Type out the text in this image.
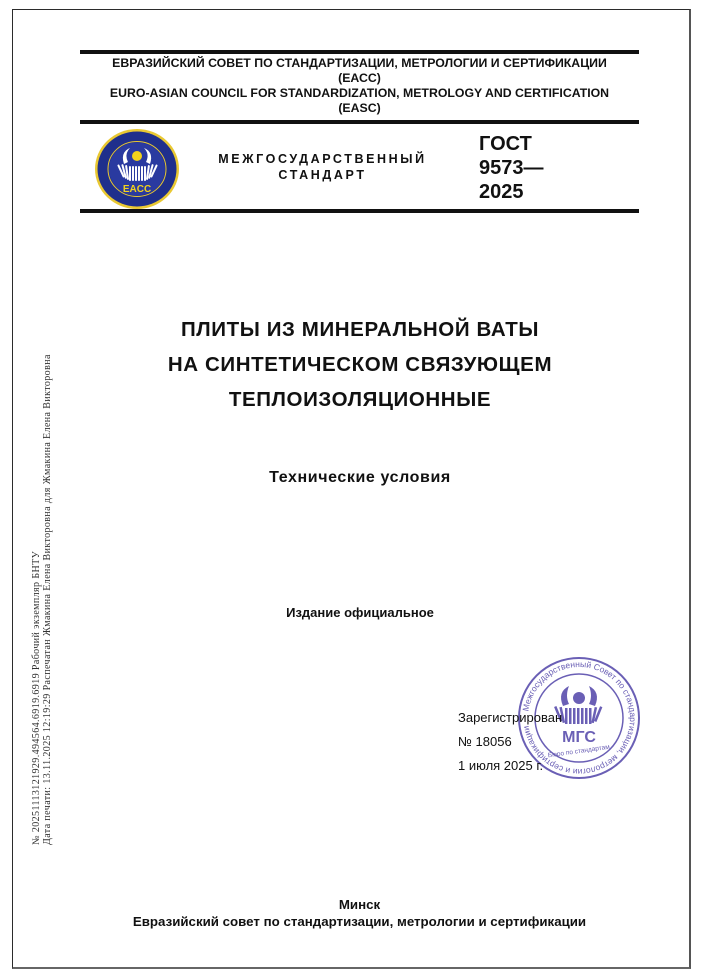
ЕВРАЗИЙСКИЙ СОВЕТ ПО СТАНДАРТИЗАЦИИ, МЕТРОЛОГИИ И СЕРТИФИКАЦИИ
(ЕАСС)
EURO-ASIAN COUNCIL FOR STANDARDIZATION, METROLOGY AND CERTIFICATION
(EASC)
EACC
МЕЖГОСУДАРСТВЕННЫЙ
СТАНДАРТ
ГОСТ
9573—
2025
ПЛИТЫ ИЗ МИНЕРАЛЬНОЙ ВАТЫ
НА СИНТЕТИЧЕСКОМ СВЯЗУЮЩЕМ
ТЕПЛОИЗОЛЯЦИОННЫЕ
Технические условия
Издание официальное
Межгосударственный Совет по стандартизации, метрологии и сертификации
МГС
Бюро по стандартам
Зарегистрирован
№ 18056
1 июля 2025 г.
Минск
Евразийский совет по стандартизации, метрологии и сертификации
№ 20251113121929.494564.6919.6919 Рабочий экземпляр БНТУ Дата печати: 13.11.2025 12:19:29 Распечатан Жмакина Елена Викторовна для Жмакина Елена Викторовна
